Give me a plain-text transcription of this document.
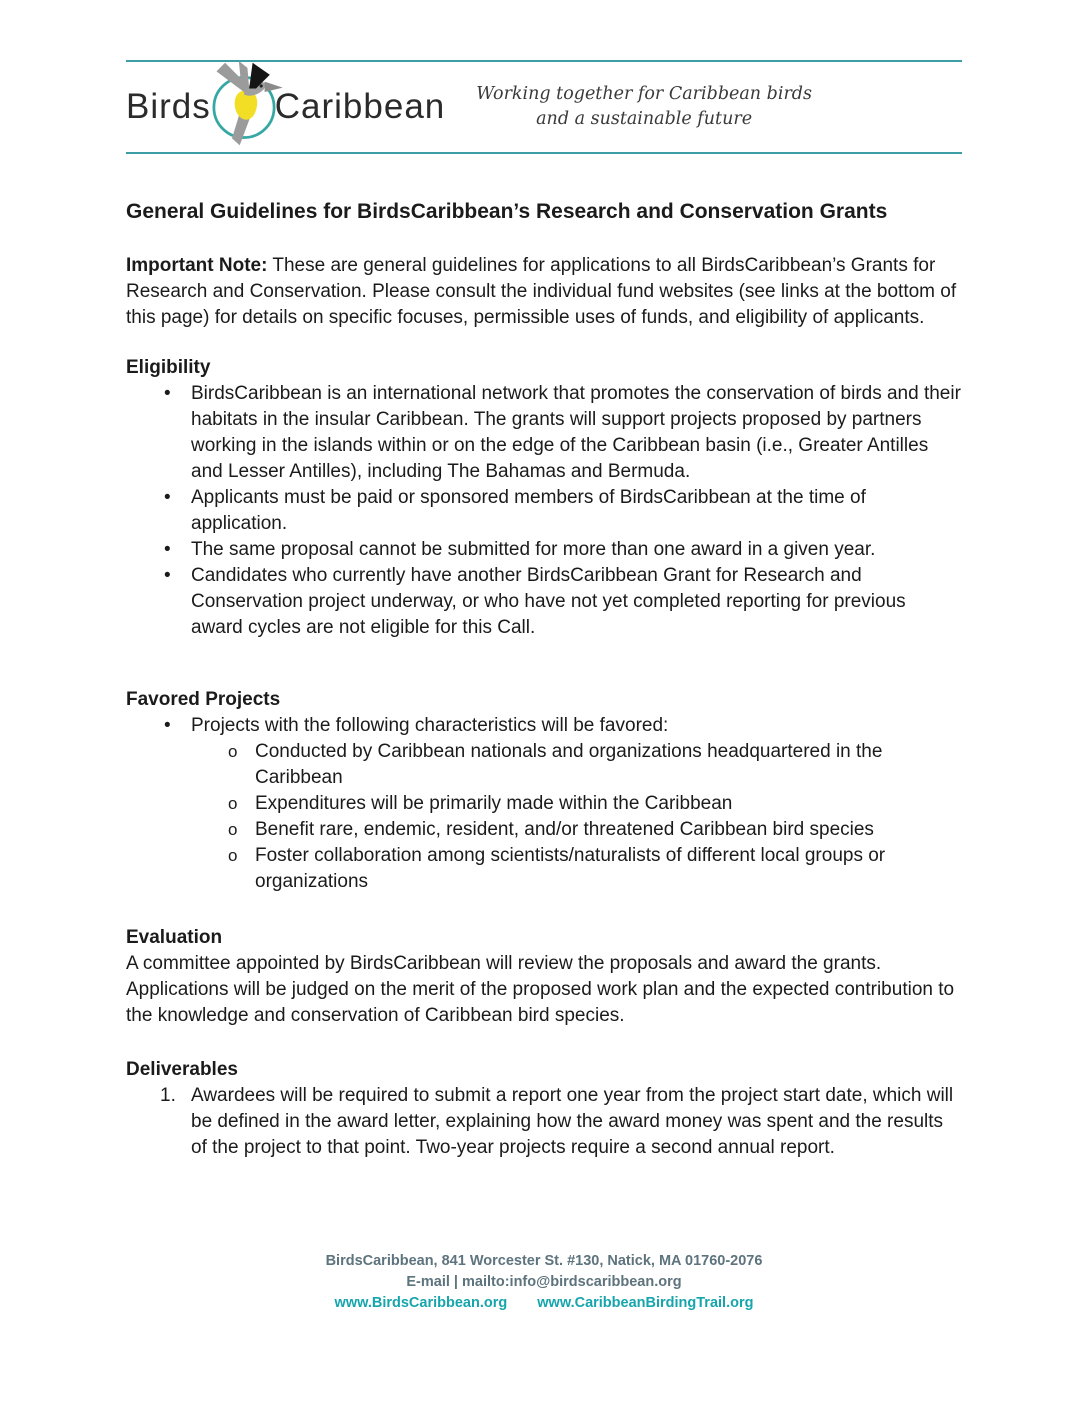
Birds Caribbean Working together for Caribbean birds
and a sustainable future
General Guidelines for BirdsCaribbean’s Research and Conservation Grants
Important Note: These are general guidelines for applications to all BirdsCaribbean’s Grants for Research and Conservation. Please consult the individual fund websites (see links at the bottom of this page) for details on specific focuses, permissible uses of funds, and eligibility of applicants.
Eligibility
• BirdsCaribbean is an international network that promotes the conservation of birds and their habitats in the insular Caribbean. The grants will support projects proposed by partners working in the islands within or on the edge of the Caribbean basin (i.e., Greater Antilles and Lesser Antilles), including The Bahamas and Bermuda.
• Applicants must be paid or sponsored members of BirdsCaribbean at the time of application.
• The same proposal cannot be submitted for more than one award in a given year.
• Candidates who currently have another BirdsCaribbean Grant for Research and Conservation project underway, or who have not yet completed reporting for previous award cycles are not eligible for this Call.
Favored Projects
• Projects with the following characteristics will be favored:
o Conducted by Caribbean nationals and organizations headquartered in the Caribbean
o Expenditures will be primarily made within the Caribbean
o Benefit rare, endemic, resident, and/or threatened Caribbean bird species
o Foster collaboration among scientists/naturalists of different local groups or organizations
Evaluation
A committee appointed by BirdsCaribbean will review the proposals and award the grants. Applications will be judged on the merit of the proposed work plan and the expected contribution to the knowledge and conservation of Caribbean bird species.
Deliverables
1. Awardees will be required to submit a report one year from the project start date, which will be defined in the award letter, explaining how the award money was spent and the results of the project to that point. Two-year projects require a second annual report.
BirdsCaribbean, 841 Worcester St. #130, Natick, MA 01760-2076
E-mail | mailto:info@birdscaribbean.org
www.BirdsCaribbean.org www.CaribbeanBirdingTrail.org
